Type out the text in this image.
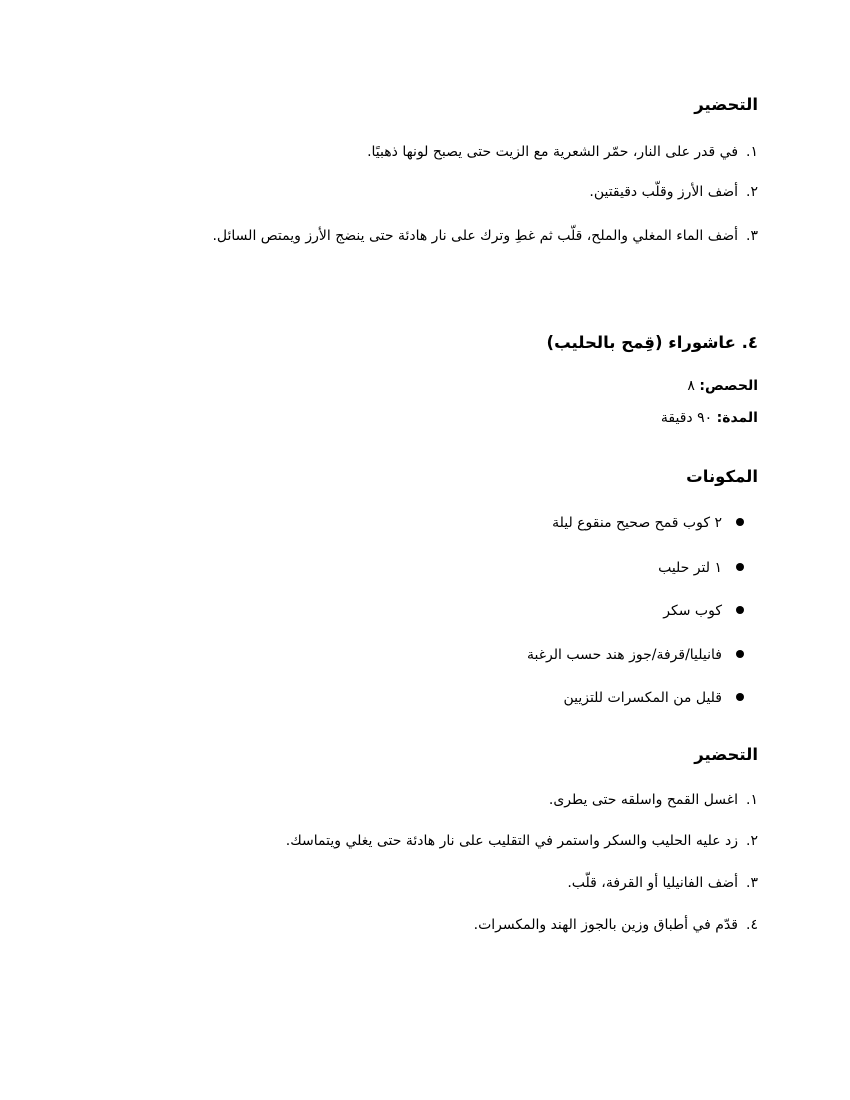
التحضير
١.في قدر على النار، حمّر الشعرية مع الزيت حتى يصبح لونها ذهبيًا.
٢.أضف الأرز وقلّب دقيقتين.
٣.أضف الماء المغلي والملح، قلّب ثم غطِ وترك على نار هادئة حتى ينضج الأرز ويمتص السائل.
٤. عاشوراء (قِمح بالحليب)
الحصص: ٨
المدة: ٩٠ دقيقة
المكونات
٢ كوب قمح صحيح منقوع ليلة
١ لتر حليب
كوب سكر
فانيليا/قرفة/جوز هند حسب الرغبة
قليل من المكسرات للتزيين
التحضير
١.اغسل القمح واسلقه حتى يطرى.
٢.زد عليه الحليب والسكر واستمر في التقليب على نار هادئة حتى يغلي ويتماسك.
٣.أضف الفانيليا أو القرفة، قلّب.
٤.قدّم في أطباق وزين بالجوز الهند والمكسرات.
